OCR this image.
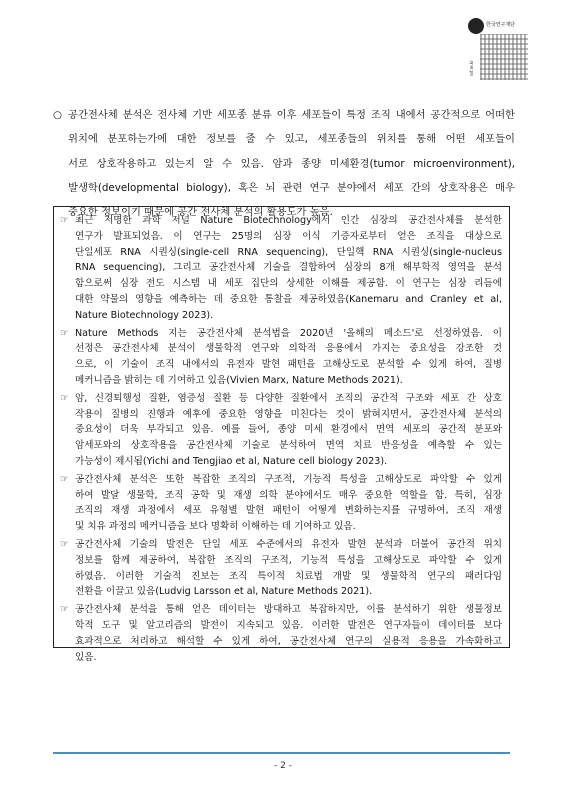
한국연구재단
nrf.re.kr
○ 공간전사체 분석은 전사체 기반 세포종 분류 이후 세포들이 특정 조직 내에서 공간적으로 어떠한
위치에 분포하는가에 대한 정보를 줄 수 있고, 세포종들의 위치를 통해 어떤 세포들이
서로 상호작용하고 있는지 알 수 있음. 암과 종양 미세환경(tumor microenvironment),
발생학(developmental biology), 혹은 뇌 관련 연구 분야에서 세포 간의 상호작용은 매우
중요한 정보이기 때문에 공간 전사체 분석의 활용도가 높음.
☞ 최근 저명한 과학 저널 Nature Biotechnology에서 인간 심장의 공간전사체를 분석한
연구가 발표되었음. 이 연구는 25명의 심장 이식 기증자로부터 얻은 조직을 대상으로
단일세포 RNA 시퀀싱(single-cell RNA sequencing), 단일핵 RNA 시퀀싱(single-nucleus
RNA sequencing), 그리고 공간전사체 기술을 결합하여 심장의 8개 해부학적 영역을 분석
함으로써 심장 전도 시스템 내 세포 집단의 상세한 이해를 제공함. 이 연구는 심장 리듬에
대한 약물의 영향을 예측하는 데 중요한 통찰을 제공하였음(Kanemaru and Cranley et al,
Nature Biotechnology 2023).
☞ Nature Methods 지는 공간전사체 분석법을 2020년 '올해의 메소드'로 선정하였음. 이
선정은 공간전사체 분석이 생물학적 연구와 의학적 응용에서 가지는 중요성을 강조한 것
으로, 이 기술이 조직 내에서의 유전자 발현 패턴을 고해상도로 분석할 수 있게 하여, 질병
메커니즘을 밝히는 데 기여하고 있음(Vivien Marx, Nature Methods 2021).
☞ 암, 신경퇴행성 질환, 염증성 질환 등 다양한 질환에서 조직의 공간적 구조와 세포 간 상호
작용이 질병의 진행과 예후에 중요한 영향을 미친다는 것이 밝혀지면서, 공간전사체 분석의
중요성이 더욱 부각되고 있음. 예를 들어, 종양 미세 환경에서 면역 세포의 공간적 분포와
암세포와의 상호작용을 공간전사체 기술로 분석하여 면역 치료 반응성을 예측할 수 있는
가능성이 제시됨(Yichi and Tengjiao et al, Nature cell biology 2023).
☞ 공간전사체 분석은 또한 복잡한 조직의 구조적, 기능적 특성을 고해상도로 파악할 수 있게
하여 발달 생물학, 조직 공학 및 재생 의학 분야에서도 매우 중요한 역할을 함. 특히, 심장
조직의 재생 과정에서 세포 유형별 발현 패턴이 어떻게 변화하는지를 규명하여, 조직 재생
및 치유 과정의 메커니즘을 보다 명확히 이해하는 데 기여하고 있음.
☞ 공간전사체 기술의 발전은 단일 세포 수준에서의 유전자 발현 분석과 더불어 공간적 위치
정보를 함께 제공하여, 복잡한 조직의 구조적, 기능적 특성을 고해상도로 파악할 수 있게
하였음. 이러한 기술적 진보는 조직 특이적 치료법 개발 및 생물학적 연구의 패러다임
전환을 이끌고 있음(Ludvig Larsson et al, Nature Methods 2021).
☞ 공간전사체 분석을 통해 얻은 데이터는 방대하고 복잡하지만, 이를 분석하기 위한 생물정보
학적 도구 및 알고리즘의 발전이 지속되고 있음. 이러한 발전은 연구자들이 데이터를 보다
효과적으로 처리하고 해석할 수 있게 하여, 공간전사체 연구의 실용적 응용을 가속화하고
있음.
- 2 -
